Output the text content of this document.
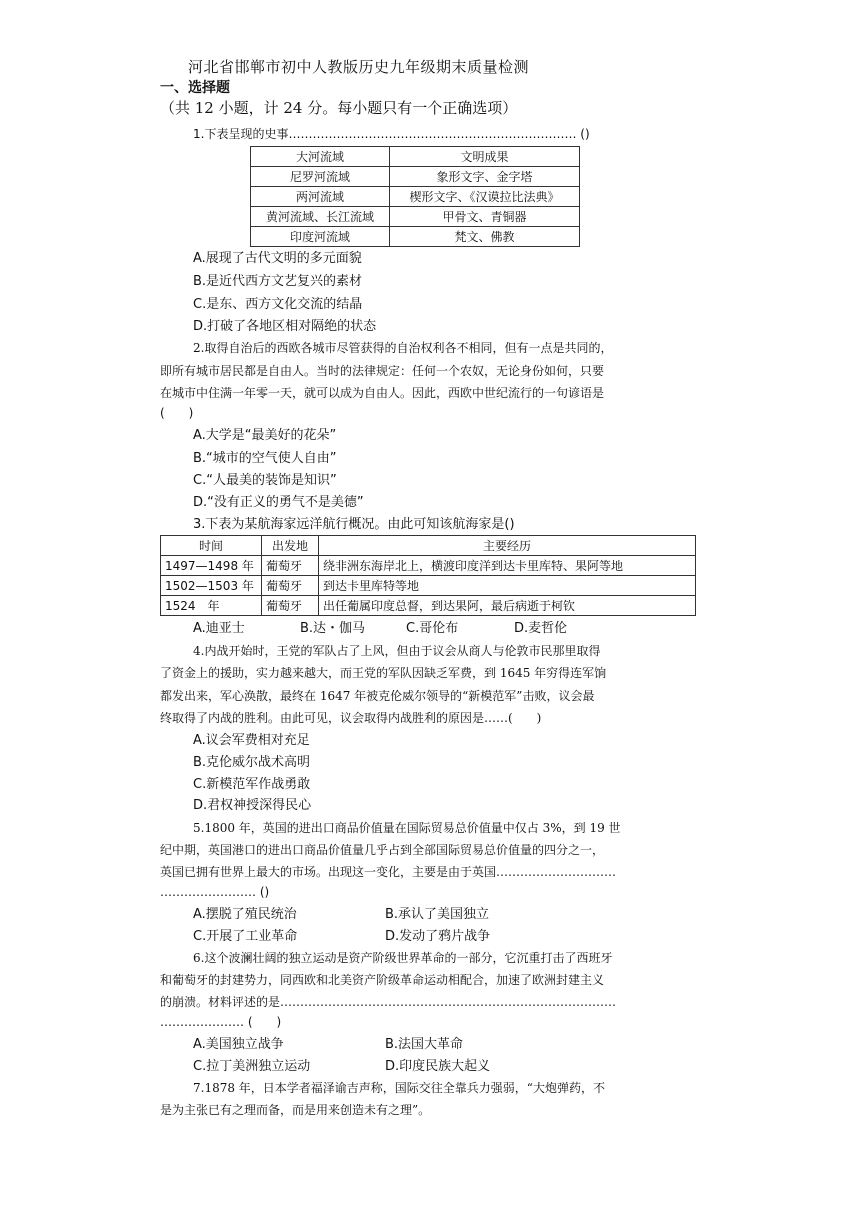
河北省邯郸市初中人教版历史九年级期末质量检测
一、选择题
（共 12 小题，计 24 分。每小题只有一个正确选项）
1.下表呈现的史事……………………………………………………………… ()
大河流域	文明成果
尼罗河流域	象形文字、金字塔
两河流域	楔形文字、《汉谟拉比法典》
黄河流域、长江流域	甲骨文、青铜器
印度河流域	梵文、佛教
A.展现了古代文明的多元面貌
B.是近代西方文艺复兴的素材
C.是东、西方文化交流的结晶
D.打破了各地区相对隔绝的状态
2.取得自治后的西欧各城市尽管获得的自治权利各不相同，但有一点是共同的，
即所有城市居民都是自由人。当时的法律规定：任何一个农奴，无论身份如何，只要
在城市中住满一年零一天，就可以成为自由人。因此，西欧中世纪流行的一句谚语是
(　　)
A.大学是“最美好的花朵”
B.“城市的空气使人自由”
C.“人最美的装饰是知识”
D.“没有正义的勇气不是美德”
3.下表为某航海家远洋航行概况。由此可知该航海家是()
时间	出发地	主要经历
1497—1498 年	葡萄牙	绕非洲东海岸北上，横渡印度洋到达卡里库特、果阿等地
1502—1503 年	葡萄牙	到达卡里库特等地
1524　年	葡萄牙	出任葡属印度总督，到达果阿，最后病逝于柯钦
A.迪亚士	B.达・伽马	C.哥伦布	D.麦哲伦
4.内战开始时，王党的军队占了上风，但由于议会从商人与伦敦市民那里取得
了资金上的援助，实力越来越大，而王党的军队因缺乏军费，到 1645 年穷得连军饷
都发出来，军心涣散，最终在 1647 年被克伦威尔领导的“新模范军”击败，议会最
终取得了内战的胜利。由此可见，议会取得内战胜利的原因是……(　　)
A.议会军费相对充足
B.克伦威尔战术高明
C.新模范军作战勇敢
D.君权神授深得民心
5.1800 年，英国的进出口商品价值量在国际贸易总价值量中仅占 3%，到 19 世
纪中期，英国港口的进出口商品价值量几乎占到全部国际贸易总价值量的四分之一，
英国已拥有世界上最大的市场。出现这一变化，主要是由于英国…………………………
…………………… ()
A.摆脱了殖民统治	B.承认了美国独立
C.开展了工业革命	D.发动了鸦片战争
6.这个波澜壮阔的独立运动是资产阶级世界革命的一部分，它沉重打击了西班牙
和葡萄牙的封建势力，同西欧和北美资产阶级革命运动相配合，加速了欧洲封建主义
的崩溃。材料评述的是…………………………………………………………………………
………………… (　　)
A.美国独立战争	B.法国大革命
C.拉丁美洲独立运动	D.印度民族大起义
7.1878 年，日本学者福泽谕吉声称，国际交往全靠兵力强弱，“大炮弹药，不
是为主张已有之理而备，而是用来创造未有之理”。
